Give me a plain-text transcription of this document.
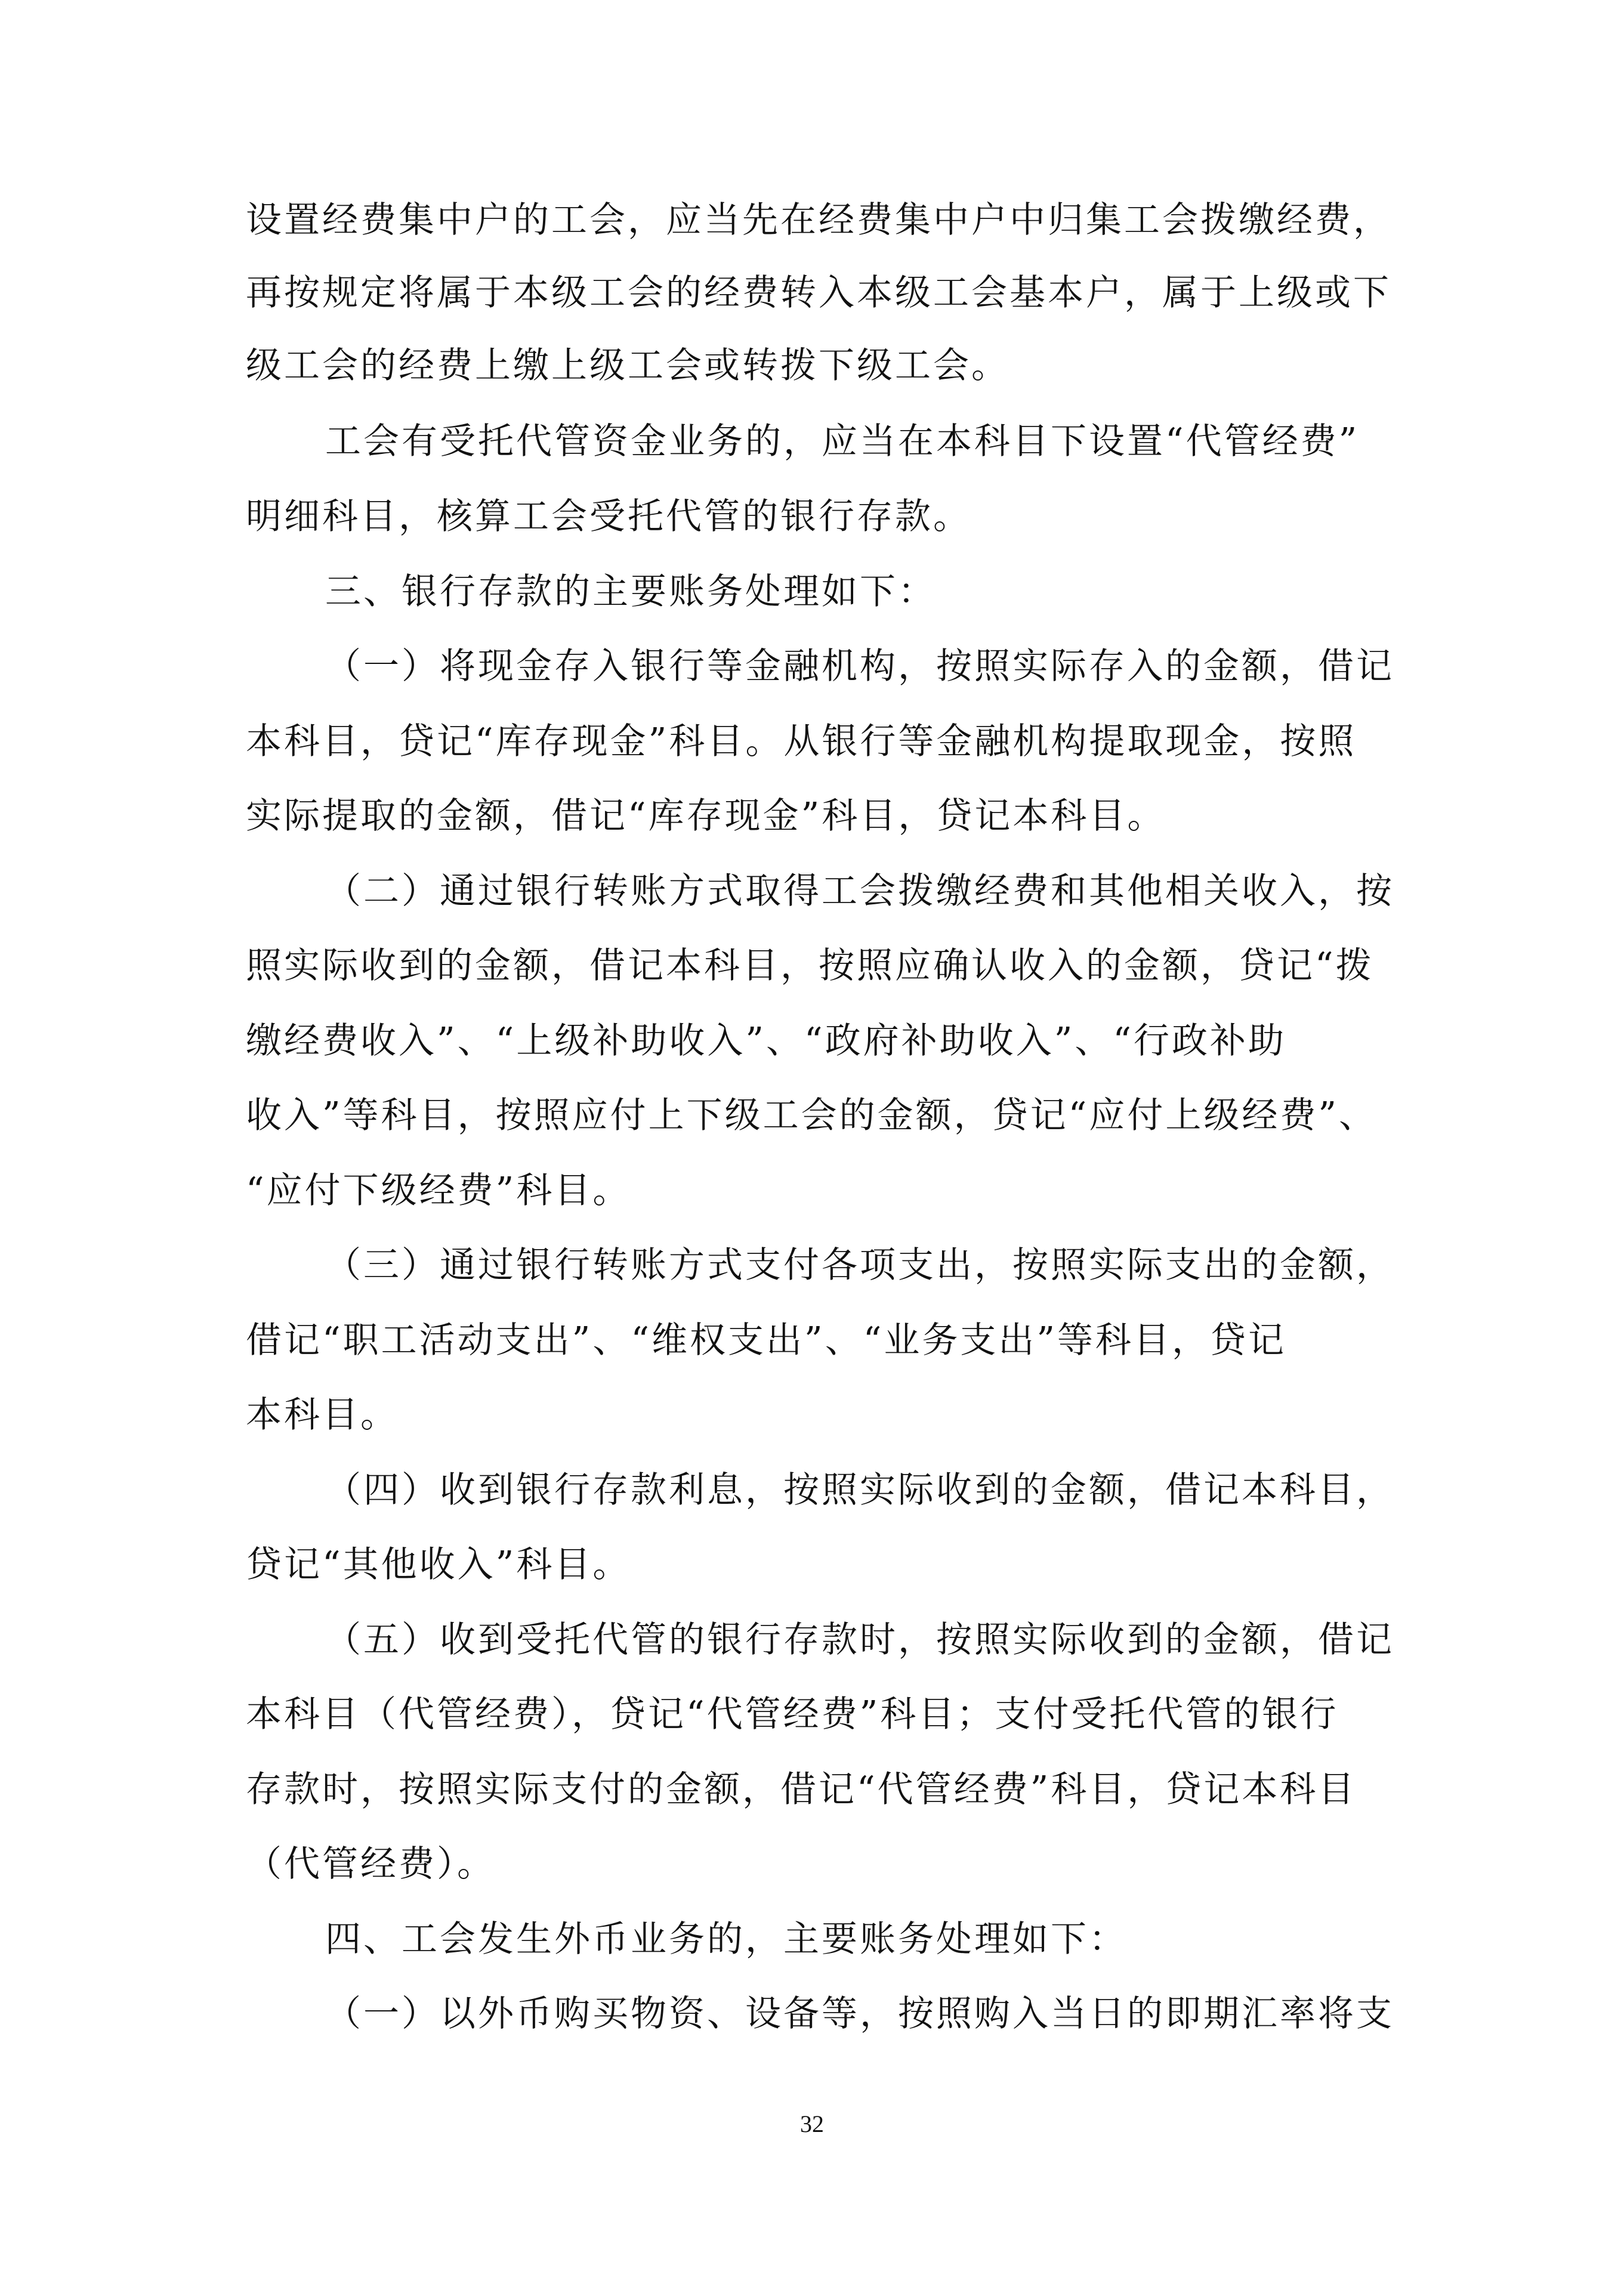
设置经费集中户的工会，应当先在经费集中户中归集工会拨缴经费，
再按规定将属于本级工会的经费转入本级工会基本户，属于上级或下
级工会的经费上缴上级工会或转拨下级工会。
工会有受托代管资金业务的，应当在本科目下设置“代管经费”
明细科目，核算工会受托代管的银行存款。
三、银行存款的主要账务处理如下：
（一）将现金存入银行等金融机构，按照实际存入的金额，借记
本科目，贷记“库存现金”科目。从银行等金融机构提取现金，按照
实际提取的金额，借记“库存现金”科目，贷记本科目。
（二）通过银行转账方式取得工会拨缴经费和其他相关收入，按
照实际收到的金额，借记本科目，按照应确认收入的金额，贷记“拨
缴经费收入”、“上级补助收入”、“政府补助收入”、“行政补助
收入”等科目，按照应付上下级工会的金额，贷记“应付上级经费”、
“应付下级经费”科目。
（三）通过银行转账方式支付各项支出，按照实际支出的金额，
借记“职工活动支出”、“维权支出”、“业务支出”等科目，贷记
本科目。
（四）收到银行存款利息，按照实际收到的金额，借记本科目，
贷记“其他收入”科目。
（五）收到受托代管的银行存款时，按照实际收到的金额，借记
本科目（代管经费），贷记“代管经费”科目；支付受托代管的银行
存款时，按照实际支付的金额，借记“代管经费”科目，贷记本科目
（代管经费）。
四、工会发生外币业务的，主要账务处理如下：
（一）以外币购买物资、设备等，按照购入当日的即期汇率将支
32
